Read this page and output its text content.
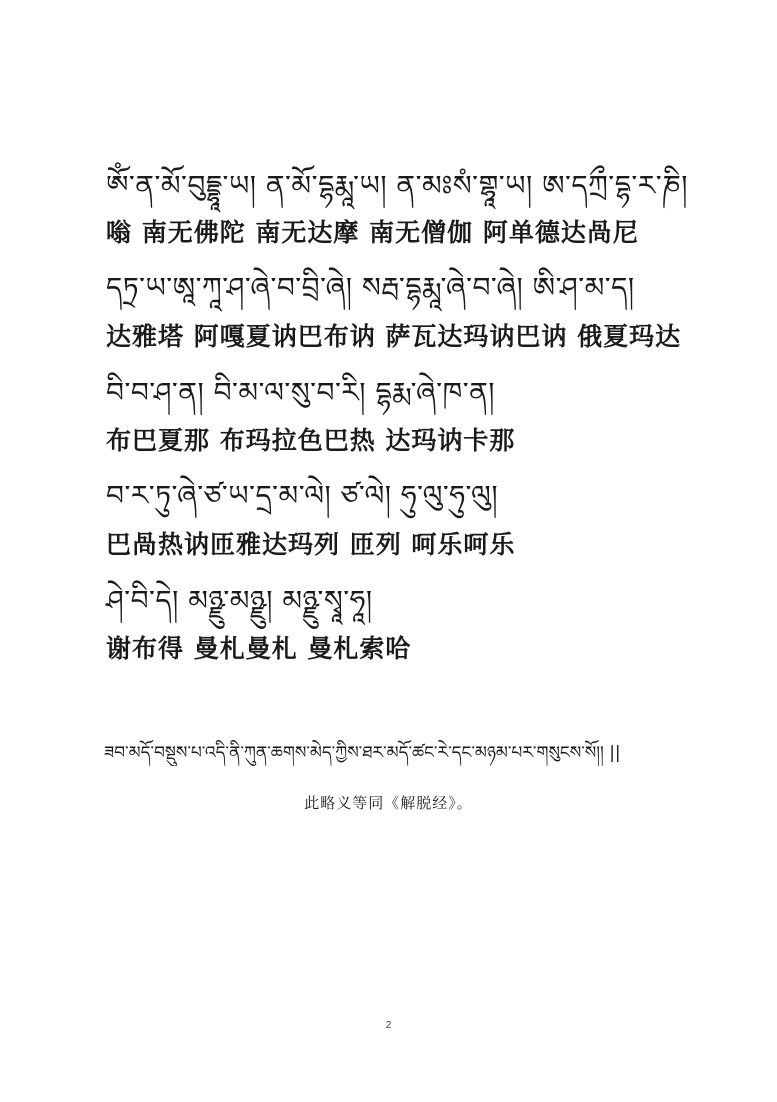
ཨོཾ་ན་མོ་བུདྡྷཱ་ཡ། ན་མོ་དྷརྨཱ་ཡ། ན་མཿསཾ་གྷཱ་ཡ། ཨ་དཀྲྀ་དྷ་ར་ཎི།
嗡 南无佛陀 南无达摩 南无僧伽 阿单德达咼尼
དཏྲ་ཡ་ཨཱ་ཀཱ་ཤ་ཞེ་བ་བྲི་ཞེ། སརྦ་དྷརྨཱ་ཞེ་བ་ཞེ། ཨི་ཤ་མ་ད།
达雅塔 阿嘎夏讷巴布讷 萨瓦达玛讷巴讷 俄夏玛达
བི་བ་ཤ་ན། བི་མ་ལ་སུ་བ་རི། དྷརྨ་ཞེ་ཁ་ན།
布巴夏那 布玛拉色巴热 达玛讷卡那
བ་ར་ཏུ་ཞེ་ཙ་ཡ་དྲ་མ་ལེ། ཙ་ལེ། ཧུ་ལུ་ཧུ་ལུ།
巴咼热讷匝雅达玛列 匝列 呵乐呵乐
ཤེ་བི་དེ། མཉྫུ་མཉྫུ། མཉྫུ་སྭཱ་ཧཱ།
谢布得 曼札曼札 曼札索哈
ཟབ་མདོ་བསྡུས་པ་འདི་ནི་ཀུན་ཆགས་མེད་ཀྱིས་ཐར་མདོ་ཚང་རེ་དང་མཉམ་པར་གསུངས་སོ།། ||
此略义等同《解脱经》。
2
